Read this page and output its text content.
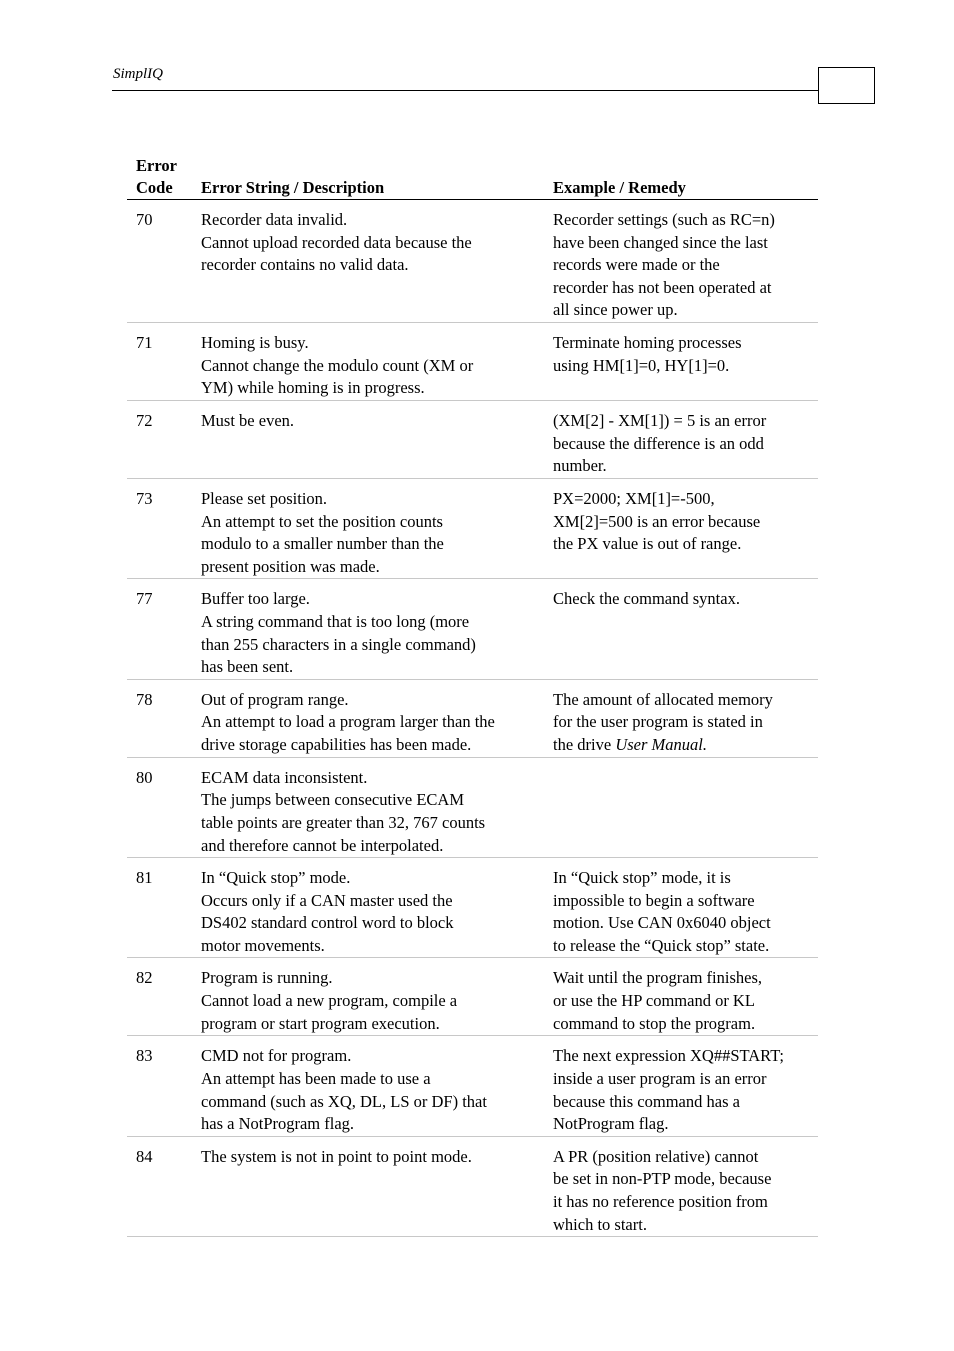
SimplIQ
Error
Code	Error String / Description	Example / Remedy
70	Recorder data invalid.
Cannot upload recorded data because the
recorder contains no valid data.	Recorder settings (such as RC=n)
have been changed since the last
records were made or the
recorder has not been operated at
all since power up.

71	Homing is busy.
Cannot change the modulo count (XM or
YM) while homing is in progress.	Terminate homing processes
using HM[1]=0, HY[1]=0.

72	Must be even.	(XM[2] - XM[1]) = 5 is an error
because the difference is an odd
number.

73	Please set position.
An attempt to set the position counts
modulo to a smaller number than the
present position was made.	PX=2000; XM[1]=-500,
XM[2]=500 is an error because
the PX value is out of range.

77	Buffer too large.
A string command that is too long (more
than 255 characters in a single command)
has been sent.	Check the command syntax.

78	Out of program range.
An attempt to load a program larger than the
drive storage capabilities has been made.	The amount of allocated memory
for the user program is stated in
the drive User Manual.

80	ECAM data inconsistent.
The jumps between consecutive ECAM
table points are greater than 32, 767 counts
and therefore cannot be interpolated.	

81	In “Quick stop” mode.
Occurs only if a CAN master used the
DS402 standard control word to block
motor movements.	In “Quick stop” mode, it is
impossible to begin a software
motion. Use CAN 0x6040 object
to release the “Quick stop” state.

82	Program is running.
Cannot load a new program, compile a
program or start program execution.	Wait until the program finishes,
or use the HP command or KL
command to stop the program.

83	CMD not for program.
An attempt has been made to use a
command (such as XQ, DL, LS or DF) that
has a NotProgram flag.	The next expression XQ##START;
inside a user program is an error
because this command has a
NotProgram flag.

84	The system is not in point to point mode.	A PR (position relative) cannot
be set in non-PTP mode, because
it has no reference position from
which to start.
